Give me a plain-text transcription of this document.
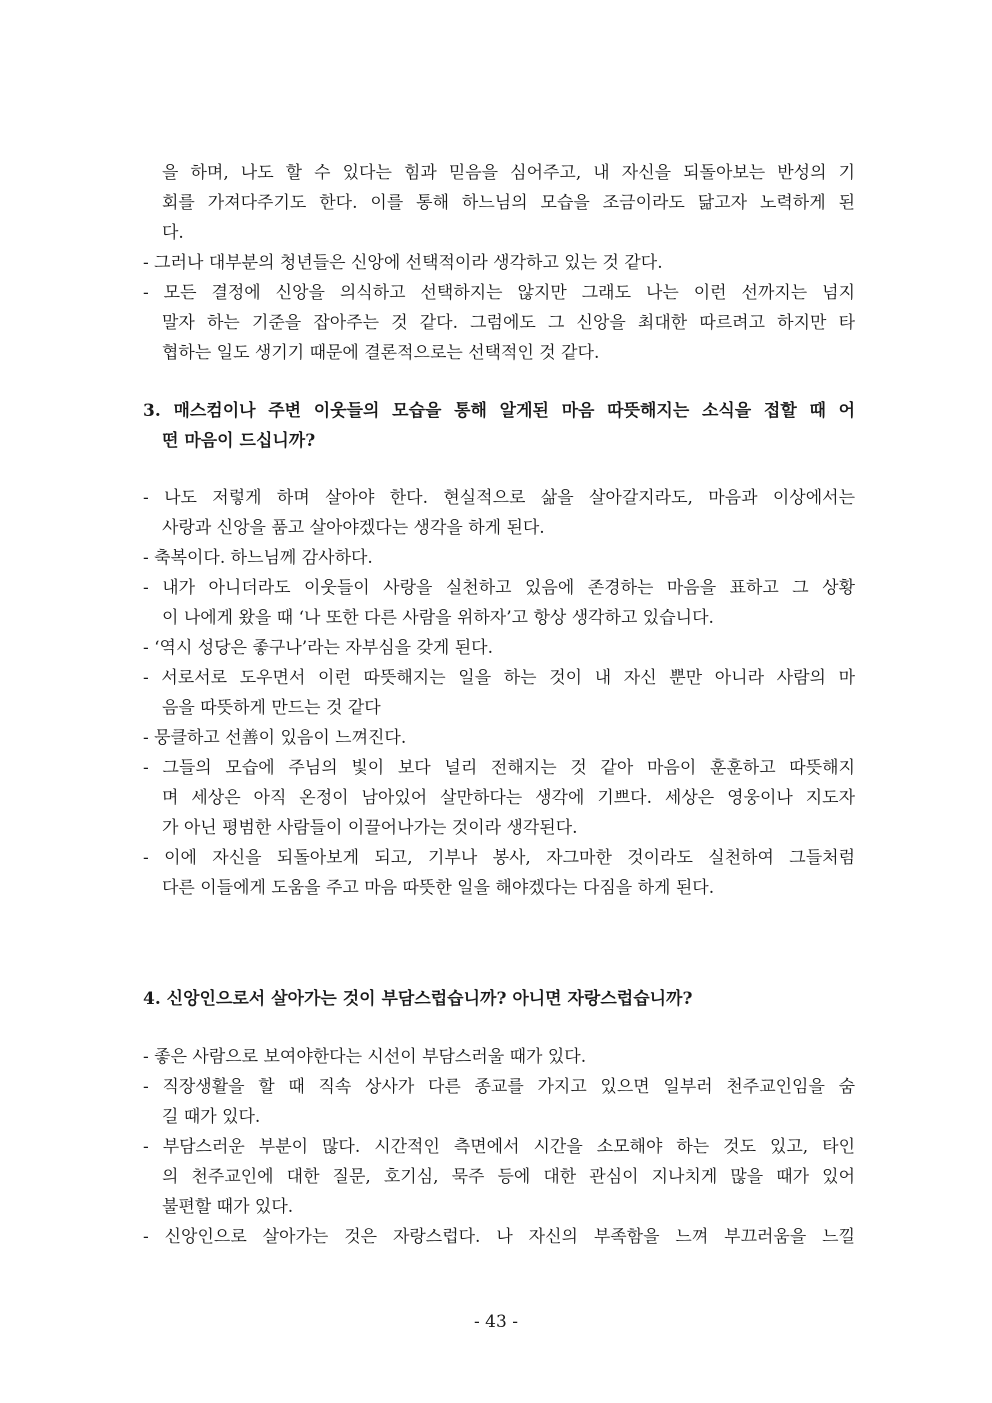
을 하며, 나도 할 수 있다는 힘과 믿음을 심어주고, 내 자신을 되돌아보는 반성의 기
회를 가져다주기도 한다. 이를 통해 하느님의 모습을 조금이라도 닮고자 노력하게 된
다.
- 그러나 대부분의 청년들은 신앙에 선택적이라 생각하고 있는 것 같다.
- 모든 결정에 신앙을 의식하고 선택하지는 않지만 그래도 나는 이런 선까지는 넘지
말자 하는 기준을 잡아주는 것 같다. 그럼에도 그 신앙을 최대한 따르려고 하지만 타
협하는 일도 생기기 때문에 결론적으로는 선택적인 것 같다.
3. 매스컴이나 주변 이웃들의 모습을 통해 알게된 마음 따뜻해지는 소식을 접할 때 어
떤 마음이 드십니까?
- 나도 저렇게 하며 살아야 한다. 현실적으로 삶을 살아갈지라도, 마음과 이상에서는
사랑과 신앙을 품고 살아야겠다는 생각을 하게 된다.
- 축복이다. 하느님께 감사하다.
- 내가 아니더라도 이웃들이 사랑을 실천하고 있음에 존경하는 마음을 표하고 그 상황
이 나에게 왔을 때 ‘나 또한 다른 사람을 위하자’고 항상 생각하고 있습니다.
- ‘역시 성당은 좋구나’라는 자부심을 갖게 된다.
- 서로서로 도우면서 이런 따뜻해지는 일을 하는 것이 내 자신 뿐만 아니라 사람의 마
음을 따뜻하게 만드는 것 같다
- 뭉클하고 선善이 있음이 느껴진다.
- 그들의 모습에 주님의 빛이 보다 널리 전해지는 것 같아 마음이 훈훈하고 따뜻해지
며 세상은 아직 온정이 남아있어 살만하다는 생각에 기쁘다. 세상은 영웅이나 지도자
가 아닌 평범한 사람들이 이끌어나가는 것이라 생각된다.
- 이에 자신을 되돌아보게 되고, 기부나 봉사, 자그마한 것이라도 실천하여 그들처럼
다른 이들에게 도움을 주고 마음 따뜻한 일을 해야겠다는 다짐을 하게 된다.
4. 신앙인으로서 살아가는 것이 부담스럽습니까? 아니면 자랑스럽습니까?
- 좋은 사람으로 보여야한다는 시선이 부담스러울 때가 있다.
- 직장생활을 할 때 직속 상사가 다른 종교를 가지고 있으면 일부러 천주교인임을 숨
길 때가 있다.
- 부담스러운 부분이 많다. 시간적인 측면에서 시간을 소모해야 하는 것도 있고, 타인
의 천주교인에 대한 질문, 호기심, 묵주 등에 대한 관심이 지나치게 많을 때가 있어
불편할 때가 있다.
- 신앙인으로 살아가는 것은 자랑스럽다. 나 자신의 부족함을 느껴 부끄러움을 느낄
- 43 -
